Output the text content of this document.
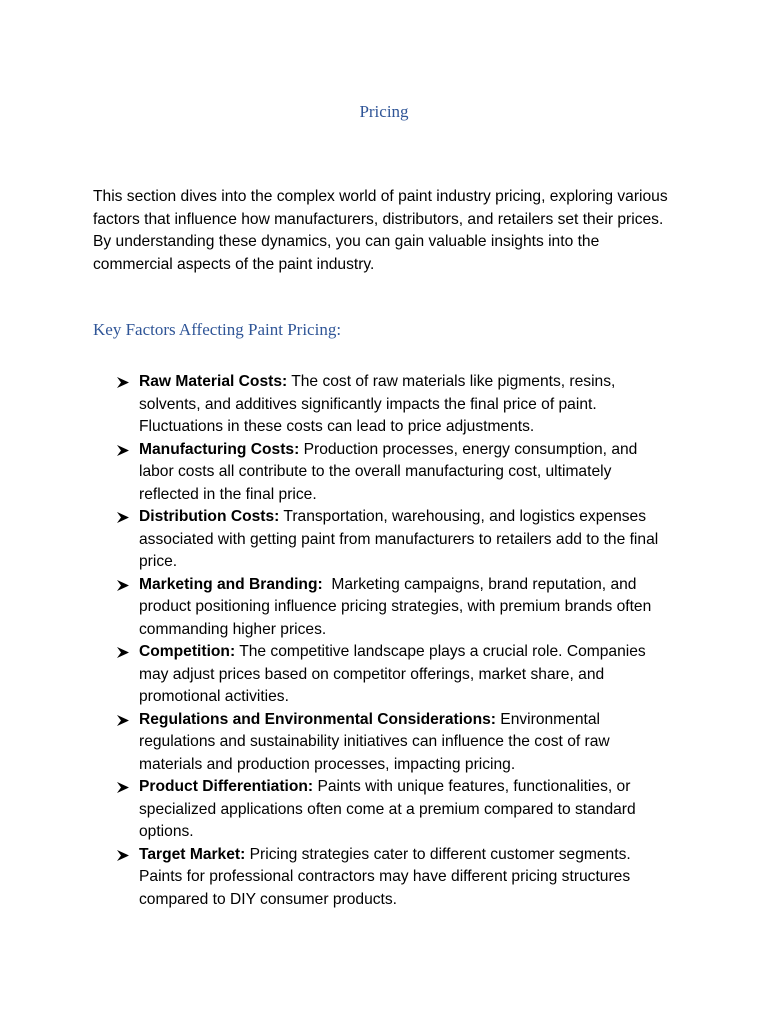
Pricing

This section dives into the complex world of paint industry pricing, exploring various factors that influence how manufacturers, distributors, and retailers set their prices. By understanding these dynamics, you can gain valuable insights into the commercial aspects of the paint industry.

Key Factors Affecting Paint Pricing:
Raw Material Costs: The cost of raw materials like pigments, resins, solvents, and additives significantly impacts the final price of paint. Fluctuations in these costs can lead to price adjustments.
Manufacturing Costs: Production processes, energy consumption, and labor costs all contribute to the overall manufacturing cost, ultimately reflected in the final price.
Distribution Costs: Transportation, warehousing, and logistics expenses associated with getting paint from manufacturers to retailers add to the final price.
Marketing and Branding:  Marketing campaigns, brand reputation, and product positioning influence pricing strategies, with premium brands often commanding higher prices.
Competition: The competitive landscape plays a crucial role. Companies may adjust prices based on competitor offerings, market share, and promotional activities.
Regulations and Environmental Considerations: Environmental regulations and sustainability initiatives can influence the cost of raw materials and production processes, impacting pricing.
Product Differentiation: Paints with unique features, functionalities, or specialized applications often come at a premium compared to standard options.
Target Market: Pricing strategies cater to different customer segments. Paints for professional contractors may have different pricing structures compared to DIY consumer products.
